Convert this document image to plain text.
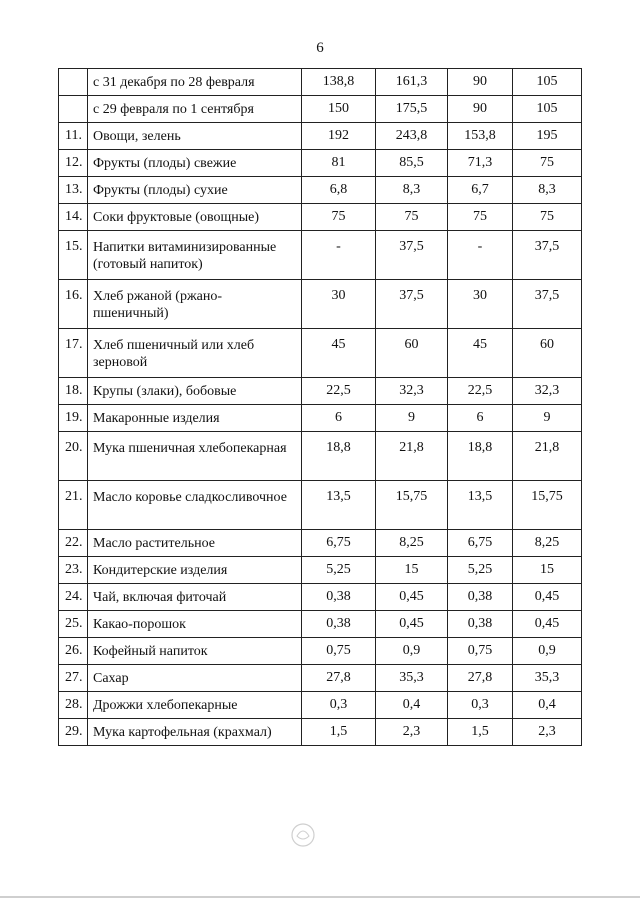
6
	с 31 декабря по 28 февраля	138,8	161,3	90	105
	с 29 февраля по 1 сентября	150	175,5	90	105
11.	Овощи, зелень	192	243,8	153,8	195
12.	Фрукты (плоды) свежие	81	85,5	71,3	75
13.	Фрукты (плоды) сухие	6,8	8,3	6,7	8,3
14.	Соки фруктовые (овощные)	75	75	75	75
15.	Напитки витаминизированные (готовый напиток)	-	37,5	-	37,5
16.	Хлеб ржаной (ржано-пшеничный)	30	37,5	30	37,5
17.	Хлеб пшеничный или хлеб зерновой	45	60	45	60
18.	Крупы (злаки), бобовые	22,5	32,3	22,5	32,3
19.	Макаронные изделия	6	9	6	9
20.	Мука пшеничная хлебопекарная	18,8	21,8	18,8	21,8
21.	Масло коровье сладкосливочное	13,5	15,75	13,5	15,75
22.	Масло растительное	6,75	8,25	6,75	8,25
23.	Кондитерские изделия	5,25	15	5,25	15
24.	Чай, включая фиточай	0,38	0,45	0,38	0,45
25.	Какао-порошок	0,38	0,45	0,38	0,45
26.	Кофейный напиток	0,75	0,9	0,75	0,9
27.	Сахар	27,8	35,3	27,8	35,3
28.	Дрожжи хлебопекарные	0,3	0,4	0,3	0,4
29.	Мука картофельная (крахмал)	1,5	2,3	1,5	2,3
